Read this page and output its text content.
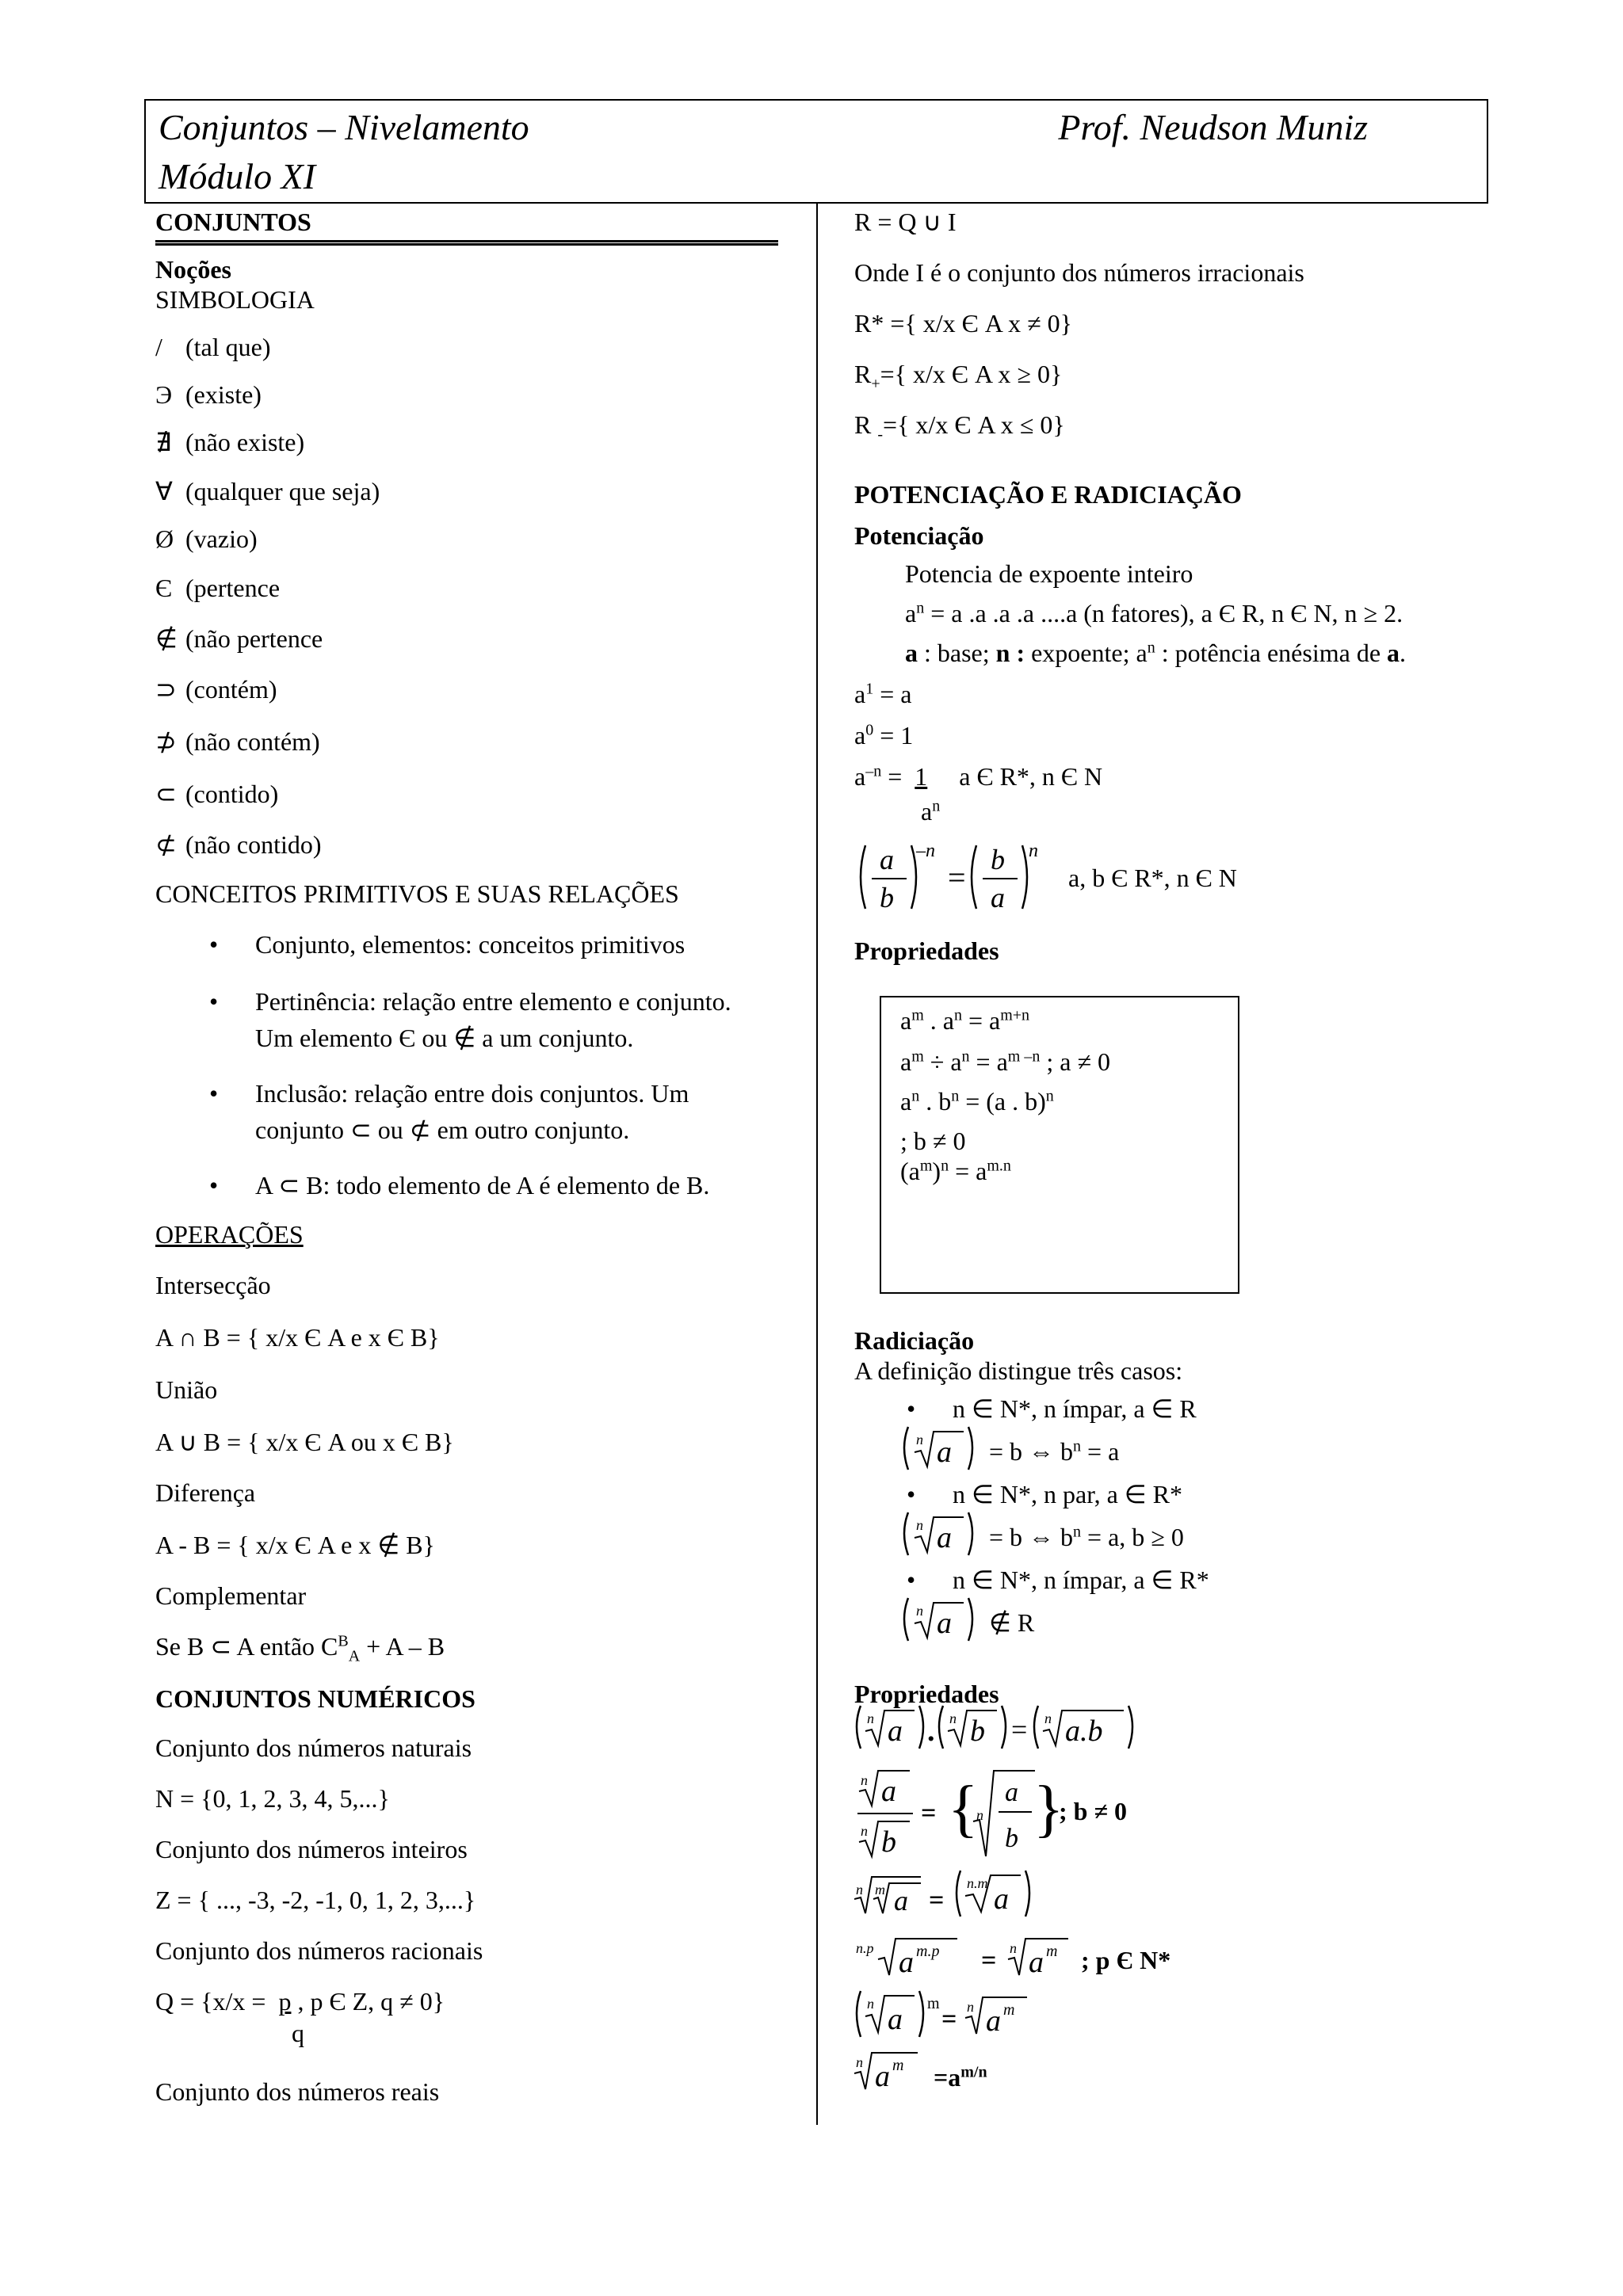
Conjuntos – Nivelamento
Módulo XI
Prof. Neudson Muniz
CONJUNTOS
Noções
SIMBOLOGIA
/ (tal que)
Э (existe)
∄ (não existe)
∀ (qualquer que seja)
Ø (vazio)
Є (pertence
∉ (não pertence
⊃ (contém)
⊅ (não contém)
⊂ (contido)
⊄ (não contido)
CONCEITOS PRIMITIVOS E SUAS RELAÇÕES
• Conjunto, elementos: conceitos primitivos
• Pertinência: relação entre elemento e conjunto.
Um elemento Є ou ∉ a um conjunto.
• Inclusão: relação entre dois conjuntos. Um
conjunto ⊂ ou ⊄ em outro conjunto.
• A ⊂ B: todo elemento de A é elemento de B.
OPERAÇÕES
Intersecção
A ∩ B = { x/x Є A e x Є B}
União
A ∪ B = { x/x Є A ou x Є B}
Diferença
A - B = { x/x Є A e x ∉ B}
Complementar
Se B ⊂ A então $C^B_A + A - B$
CONJUNTOS NUMÉRICOS
Conjunto dos números naturais
N = {0, 1, 2, 3, 4, 5,...}
Conjunto dos números inteiros
Z = { ..., -3, -2, -1, 0, 1, 2, 3,...}
Conjunto dos números racionais
Q = {x/x = p , p Є Z, q ≠ 0}
q
Conjunto dos números reais
R = Q ∪ I
Onde I é o conjunto dos números irracionais
R* ={ x/x Є A x ≠ 0}
$R_+=${ x/x Є A x ≥ 0}
R $_-$={ x/x Є A x ≤ 0}
POTENCIAÇÃO E RADICIAÇÃO
Potenciação
Potencia de expoente inteiro
$a^n = a$ .a .a .a ....a (n fatores), a Є R, n Є N, n ≥ 2.
a : base; n : expoente; $a^n$ : potência enésima de a.
$a^1 = a$
$a^0 = 1$
$a^{-n} = 1$ a Є R*, n Є N
$a^n$
a
b
–n
= b
a
n
a, b Є R*, n Є N
Propriedades
$a^m$ . $a^n = a^{m+n}$
$a^m \div a^n = a^{m -n}$ ; a ≠ 0
$a^n$ . $b^n = (a$ . b)$^n$
; b ≠ 0
$(a^m)^n = a^{m.n}$
Radiciação
A definição distingue três casos:
• n ∈ N*, n ímpar, a ∈ R
n a = b ⇔ $b^n = a$
• n ∈ N*, n par, a ∈ R*
n a = b ⇔ $b^n = a$, b ≥ 0
• n ∈ N*, n ímpar, a ∈ R*
n a ∉ R
Propriedades
n a . n b = n a.b
n a
n b
= {
n
a
b }
; b ≠ 0
n m a =
n.m a
n.p a m.p = n a m ; p Є N*
n a m
= n a m
n a $m =a^{m/n}$
